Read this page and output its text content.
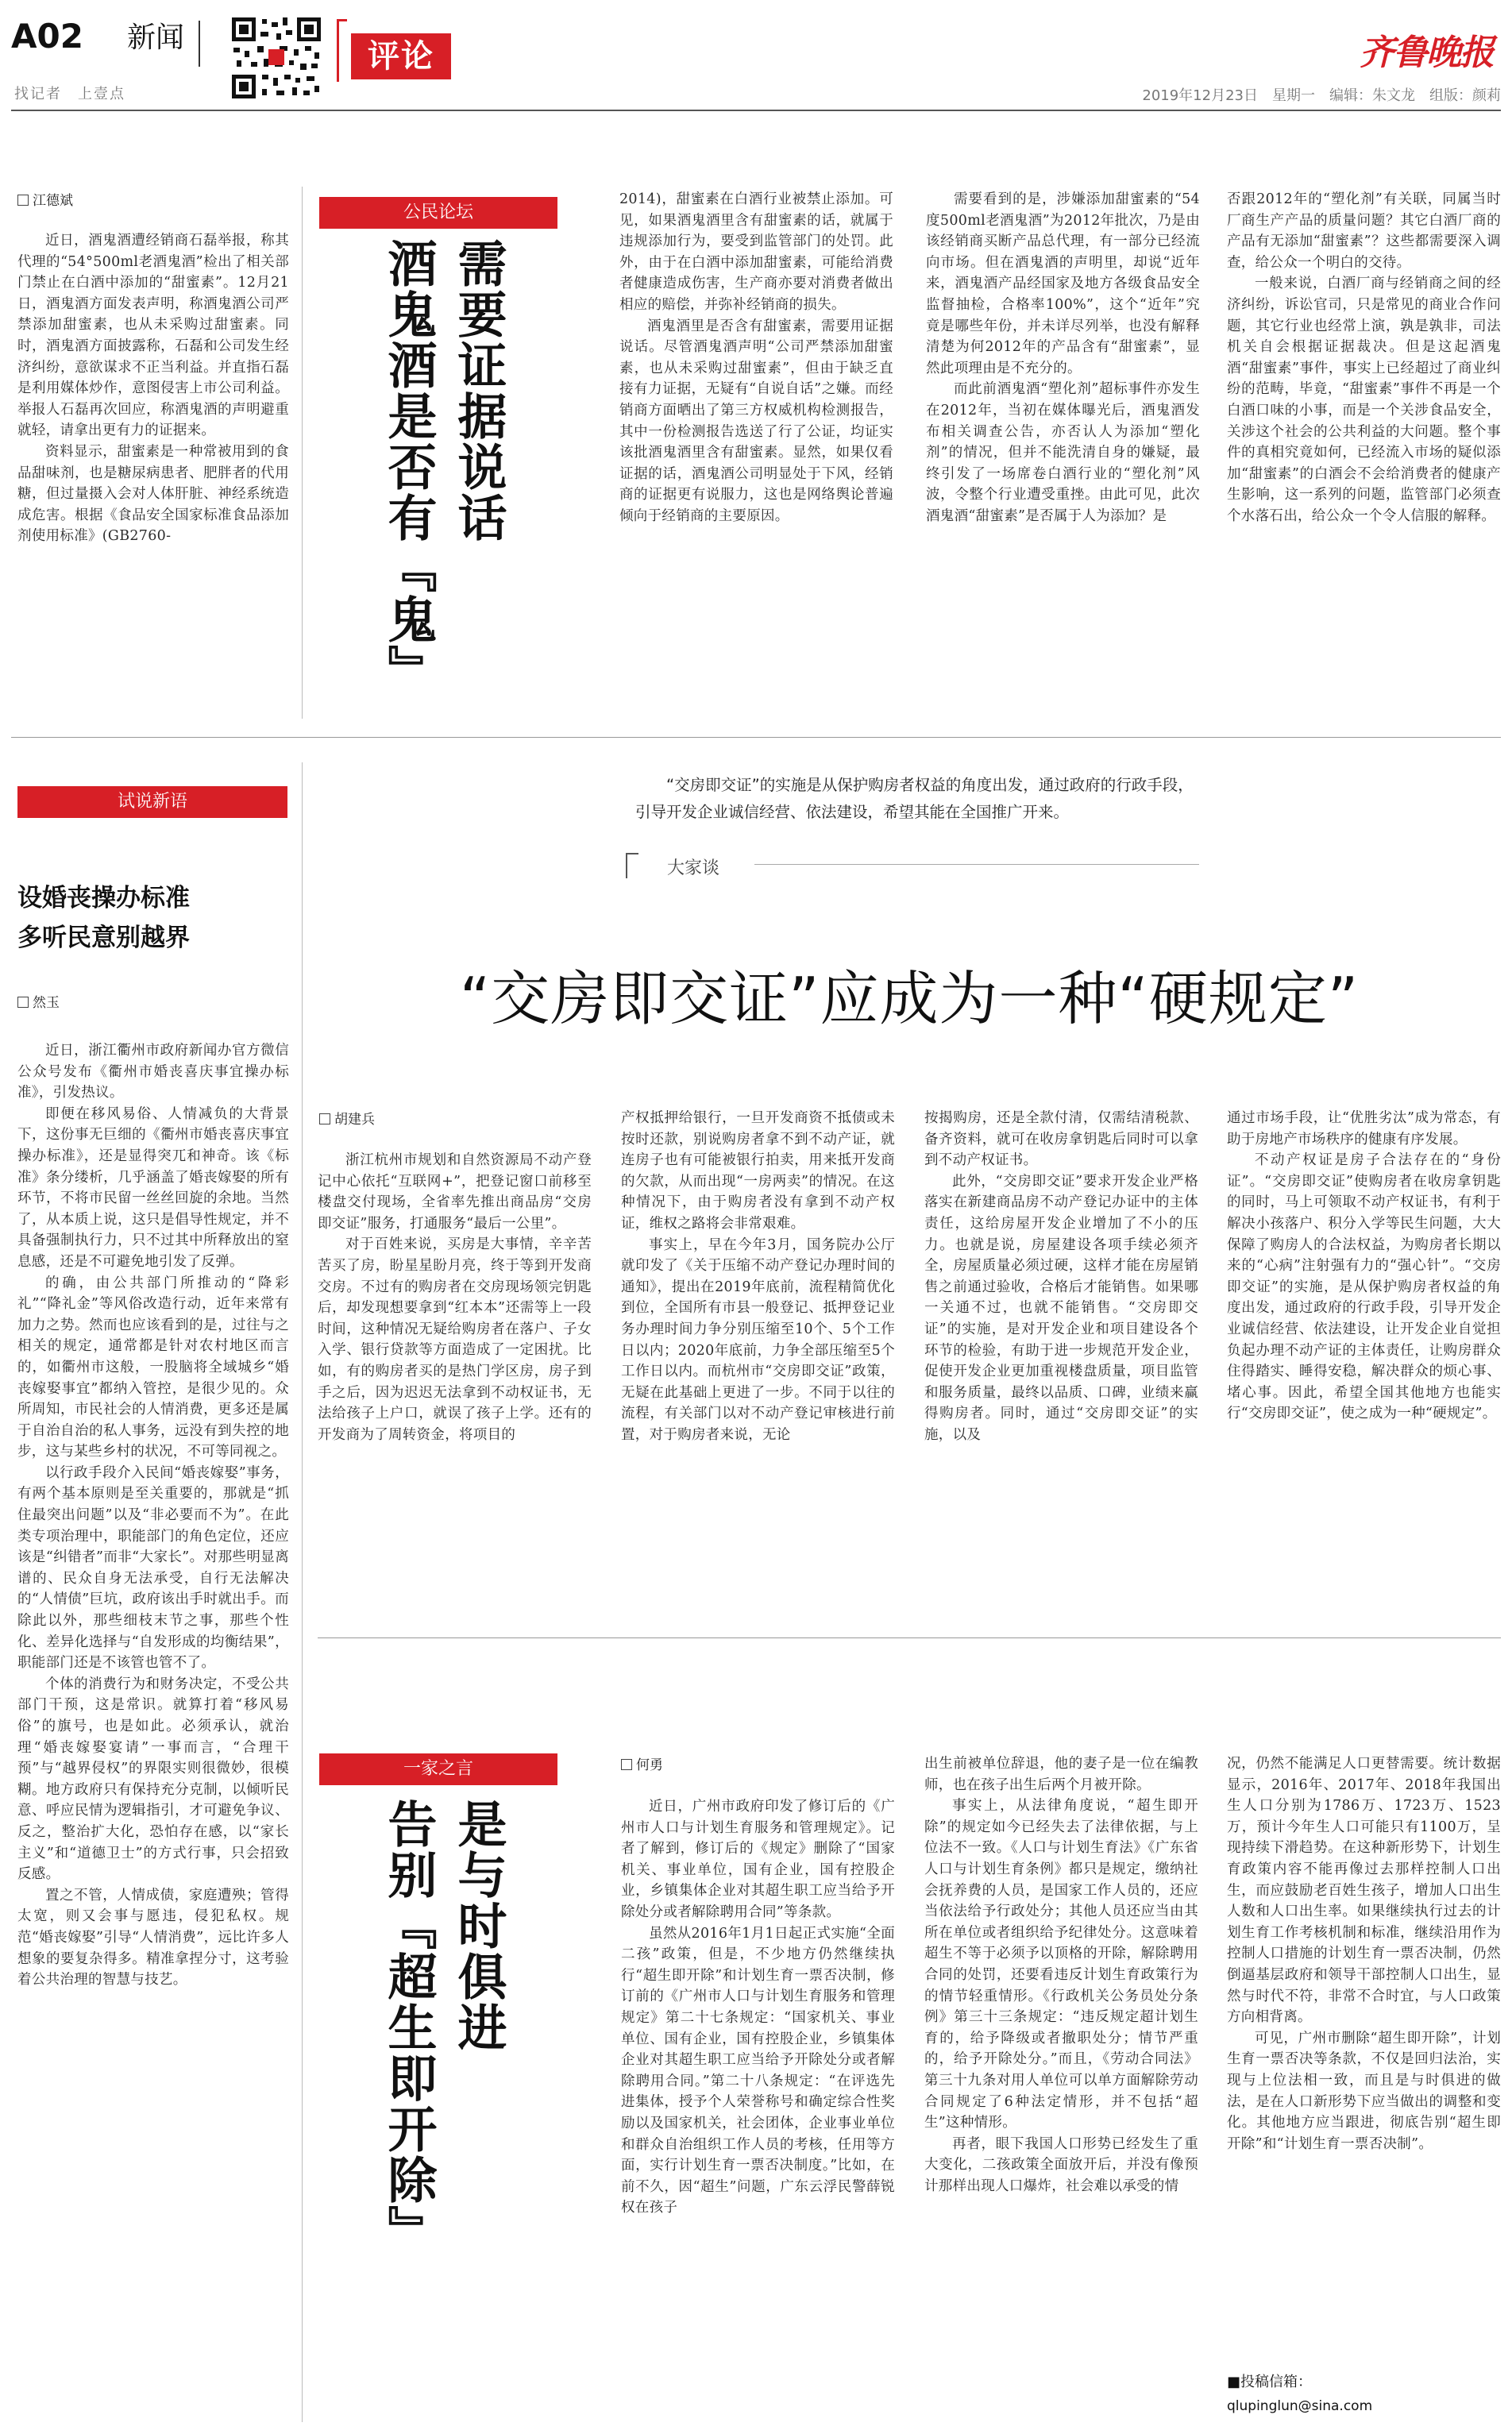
A02 新闻
找记者　上壹点
评论	齐鲁晚报
2019年12月23日　星期一　编辑：朱文龙　组版：颜莉
江德斌

近日，酒鬼酒遭经销商石磊举报，称其代理的“54°500ml老酒鬼酒”检出了相关部门禁止在白酒中添加的“甜蜜素”。12月21日，酒鬼酒方面发表声明，称酒鬼酒公司严禁添加甜蜜素，也从未采购过甜蜜素。同时，酒鬼酒方面披露称，石磊和公司发生经济纠纷，意欲谋求不正当利益。并直指石磊是利用媒体炒作，意图侵害上市公司利益。举报人石磊再次回应，称酒鬼酒的声明避重就轻，请拿出更有力的证据来。

资料显示，甜蜜素是一种常被用到的食品甜味剂，也是糖尿病患者、肥胖者的代用糖，但过量摄入会对人体肝脏、神经系统造成危害。根据《食品安全国家标准食品添加剂使用标准》(GB2760-

公民论坛
需要证据说话
酒鬼酒是否有『鬼』

2014)，甜蜜素在白酒行业被禁止添加。可见，如果酒鬼酒里含有甜蜜素的话，就属于违规添加行为，要受到监管部门的处罚。此外，由于在白酒中添加甜蜜素，可能给消费者健康造成伤害，生产商亦要对消费者做出相应的赔偿，并弥补经销商的损失。

酒鬼酒里是否含有甜蜜素，需要用证据说话。尽管酒鬼酒声明“公司严禁添加甜蜜素，也从未采购过甜蜜素”，但由于缺乏直接有力证据，无疑有“自说自话”之嫌。而经销商方面晒出了第三方权威机构检测报告，其中一份检测报告选送了行了公证，均证实该批酒鬼酒里含有甜蜜素。显然，如果仅看证据的话，酒鬼酒公司明显处于下风，经销商的证据更有说服力，这也是网络舆论普遍倾向于经销商的主要原因。

需要看到的是，涉嫌添加甜蜜素的“54度500ml老酒鬼酒”为2012年批次，乃是由该经销商买断产品总代理，有一部分已经流向市场。但在酒鬼酒的声明里，却说“近年来，酒鬼酒产品经国家及地方各级食品安全监督抽检，合格率100%”，这个“近年”究竟是哪些年份，并未详尽列举，也没有解释清楚为何2012年的产品含有“甜蜜素”，显然此项理由是不充分的。

而此前酒鬼酒“塑化剂”超标事件亦发生在2012年，当初在媒体曝光后，酒鬼酒发布相关调查公告，亦否认人为添加“塑化剂”的情况，但并不能洗清自身的嫌疑，最终引发了一场席卷白酒行业的“塑化剂”风波，令整个行业遭受重挫。由此可见，此次酒鬼酒“甜蜜素”是否属于人为添加？是

否跟2012年的“塑化剂”有关联，同属当时厂商生产产品的质量问题？其它白酒厂商的产品有无添加“甜蜜素”？这些都需要深入调查，给公众一个明白的交待。

一般来说，白酒厂商与经销商之间的经济纠纷，诉讼官司，只是常见的商业合作问题，其它行业也经常上演，孰是孰非，司法机关自会根据证据裁决。但是这起酒鬼酒“甜蜜素”事件，事实上已经超过了商业纠纷的范畴，毕竟，“甜蜜素”事件不再是一个白酒口味的小事，而是一个关涉食品安全，关涉这个社会的公共利益的大问题。整个事件的真相究竟如何，已经流入市场的疑似添加“甜蜜素”的白酒会不会给消费者的健康产生影响，这一系列的问题，监管部门必须查个水落石出，给公众一个令人信服的解释。

试说新语
设婚丧操办标准
多听民意别越界
然玉

近日，浙江衢州市政府新闻办官方微信公众号发布《衢州市婚丧喜庆事宜操办标准》，引发热议。

即便在移风易俗、人情减负的大背景下，这份事无巨细的《衢州市婚丧喜庆事宜操办标准》，还是显得突兀和神奇。该《标准》条分缕析，几乎涵盖了婚丧嫁娶的所有环节，不将市民留一丝丝回旋的余地。当然了，从本质上说，这只是倡导性规定，并不具备强制执行力，只不过其中所释放出的窒息感，还是不可避免地引发了反弹。

的确，由公共部门所推动的“降彩礼”“降礼金”等风俗改造行动，近年来常有加力之势。然而也应该看到的是，过往与之相关的规定，通常都是针对农村地区而言的，如衢州市这般，一股脑将全域城乡“婚丧嫁娶事宜”都纳入管控，是很少见的。众所周知，市民社会的人情消费，更多还是属于自治自治的私人事务，远没有到失控的地步，这与某些乡村的状况，不可等同视之。

以行政手段介入民间“婚丧嫁娶”事务，有两个基本原则是至关重要的，那就是“抓住最突出问题”以及“非必要而不为”。在此类专项治理中，职能部门的角色定位，还应该是“纠错者”而非“大家长”。对那些明显离谱的、民众自身无法承受，自行无法解决的“人情债”巨坑，政府该出手时就出手。而除此以外，那些细枝末节之事，那些个性化、差异化选择与“自发形成的均衡结果”，职能部门还是不该管也管不了。

个体的消费行为和财务决定，不受公共部门干预，这是常识。就算打着“移风易俗”的旗号，也是如此。必须承认，就治理“婚丧嫁娶宴请”一事而言，“合理干预”与“越界侵权”的界限实则很微妙，很模糊。地方政府只有保持充分克制，以倾听民意、呼应民情为逻辑指引，才可避免争议、反之，整治扩大化，恐怕存在感，以“家长主义”和“道德卫士”的方式行事，只会招致反感。

置之不管，人情成债，家庭遭殃；管得太宽，则又会事与愿违，侵犯私权。规范“婚丧嫁娶”引导“人情消费”，远比许多人想象的要复杂得多。精准拿捏分寸，这考验着公共治理的智慧与技艺。

“交房即交证”的实施是从保护购房者权益的角度出发，通过政府的行政手段，引导开发企业诚信经营、依法建设，希望其能在全国推广开来。
大家谈
“交房即交证”应成为一种“硬规定”
胡建兵

浙江杭州市规划和自然资源局不动产登记中心依托“互联网+”，把登记窗口前移至楼盘交付现场，全省率先推出商品房“交房即交证”服务，打通服务“最后一公里”。

对于百姓来说，买房是大事情，辛辛苦苦买了房，盼星星盼月亮，终于等到开发商交房。不过有的购房者在交房现场领完钥匙后，却发现想要拿到“红本本”还需等上一段时间，这种情况无疑给购房者在落户、子女入学、银行贷款等方面造成了一定困扰。比如，有的购房者买的是热门学区房，房子到手之后，因为迟迟无法拿到不动权证书，无法给孩子上户口，就误了孩子上学。还有的开发商为了周转资金，将项目的

产权抵押给银行，一旦开发商资不抵债或未按时还款，别说购房者拿不到不动产证，就连房子也有可能被银行拍卖，用来抵开发商的欠款，从而出现“一房两卖”的情况。在这种情况下，由于购房者没有拿到不动产权证，维权之路将会非常艰难。

事实上，早在今年3月，国务院办公厅就印发了《关于压缩不动产登记办理时间的通知》，提出在2019年底前，流程精简优化到位，全国所有市县一般登记、抵押登记业务办理时间力争分别压缩至10个、5个工作日以内；2020年底前，力争全部压缩至5个工作日以内。而杭州市“交房即交证”政策，无疑在此基础上更进了一步。不同于以往的流程，有关部门以对不动产登记审核进行前置，对于购房者来说，无论

按揭购房，还是全款付清，仅需结清税款、备齐资料，就可在收房拿钥匙后同时可以拿到不动产权证书。

此外，“交房即交证”要求开发企业严格落实在新建商品房不动产登记办证中的主体责任，这给房屋开发企业增加了不小的压力。也就是说，房屋建设各项手续必须齐全，房屋质量必须过硬，这样才能在房屋销售之前通过验收，合格后才能销售。如果哪一关通不过，也就不能销售。“交房即交证”的实施，是对开发企业和项目建设各个环节的检验，有助于进一步规范开发企业，促使开发企业更加重视楼盘质量，项目监管和服务质量，最终以品质、口碑，业绩来赢得购房者。同时，通过“交房即交证”的实施，以及

通过市场手段，让“优胜劣汰”成为常态，有助于房地产市场秩序的健康有序发展。

不动产权证是房子合法存在的“身份证”。“交房即交证”使购房者在收房拿钥匙的同时，马上可领取不动产权证书，有利于解决小孩落户、积分入学等民生问题，大大保障了购房人的合法权益，为购房者长期以来的“心病”注射强有力的“强心针”。“交房即交证”的实施，是从保护购房者权益的角度出发，通过政府的行政手段，引导开发企业诚信经营、依法建设，让开发企业自觉担负起办理不动产证的主体责任，让购房群众住得踏实、睡得安稳，解决群众的烦心事、堵心事。因此，希望全国其他地方也能实行“交房即交证”，使之成为一种“硬规定”。

一家之言
是与时俱进
告别『超生即开除』
何勇

近日，广州市政府印发了修订后的《广州市人口与计划生育服务和管理规定》。记者了解到，修订后的《规定》删除了“国家机关、事业单位，国有企业，国有控股企业，乡镇集体企业对其超生职工应当给予开除处分或者解除聘用合同”等条款。

虽然从2016年1月1日起正式实施“全面二孩”政策，但是，不少地方仍然继续执行“超生即开除”和计划生育一票否决制，修订前的《广州市人口与计划生育服务和管理规定》第二十七条规定：“国家机关、事业单位、国有企业，国有控股企业，乡镇集体企业对其超生职工应当给予开除处分或者解除聘用合同。”第二十八条规定：“在评选先进集体，授予个人荣誉称号和确定综合性奖励以及国家机关，社会团体，企业事业单位和群众自治组织工作人员的考核，任用等方面，实行计划生育一票否决制度。”比如，在前不久，因“超生”问题，广东云浮民警薛锐权在孩子

出生前被单位辞退，他的妻子是一位在编教师，也在孩子出生后两个月被开除。

事实上，从法律角度说，“超生即开除”的规定如今已经失去了法律依据，与上位法不一致。《人口与计划生育法》《广东省人口与计划生育条例》都只是规定，缴纳社会抚养费的人员，是国家工作人员的，还应当依法给予行政处分；其他人员还应当由其所在单位或者组织给予纪律处分。这意味着超生不等于必须予以顶格的开除，解除聘用合同的处罚，还要看违反计划生育政策行为的情节轻重情形。《行政机关公务员处分条例》第三十三条规定：“违反规定超计划生育的，给予降级或者撤职处分；情节严重的，给予开除处分。”而且，《劳动合同法》第三十九条对用人单位可以单方面解除劳动合同规定了6种法定情形，并不包括“超生”这种情形。

再者，眼下我国人口形势已经发生了重大变化，二孩政策全面放开后，并没有像预计那样出现人口爆炸，社会难以承受的情

况，仍然不能满足人口更替需要。统计数据显示，2016年、2017年、2018年我国出生人口分别为1786万、1723万、1523万，预计今年生人口可能只有1100万，呈现持续下滑趋势。在这种新形势下，计划生育政策内容不能再像过去那样控制人口出生，而应鼓励老百姓生孩子，增加人口出生人数和人口出生率。如果继续执行过去的计划生育工作考核机制和标准，继续沿用作为控制人口措施的计划生育一票否决制，仍然倒逼基层政府和领导干部控制人口出生，显然与时代不符，非常不合时宜，与人口政策方向相背离。

可见，广州市删除“超生即开除”，计划生育一票否决等条款，不仅是回归法治，实现与上位法相一致，而且是与时俱进的做法，是在人口新形势下应当做出的调整和变化。其他地方应当跟进，彻底告别“超生即开除”和“计划生育一票否决制”。

■投稿信箱：
qlupinglun@sina.com
